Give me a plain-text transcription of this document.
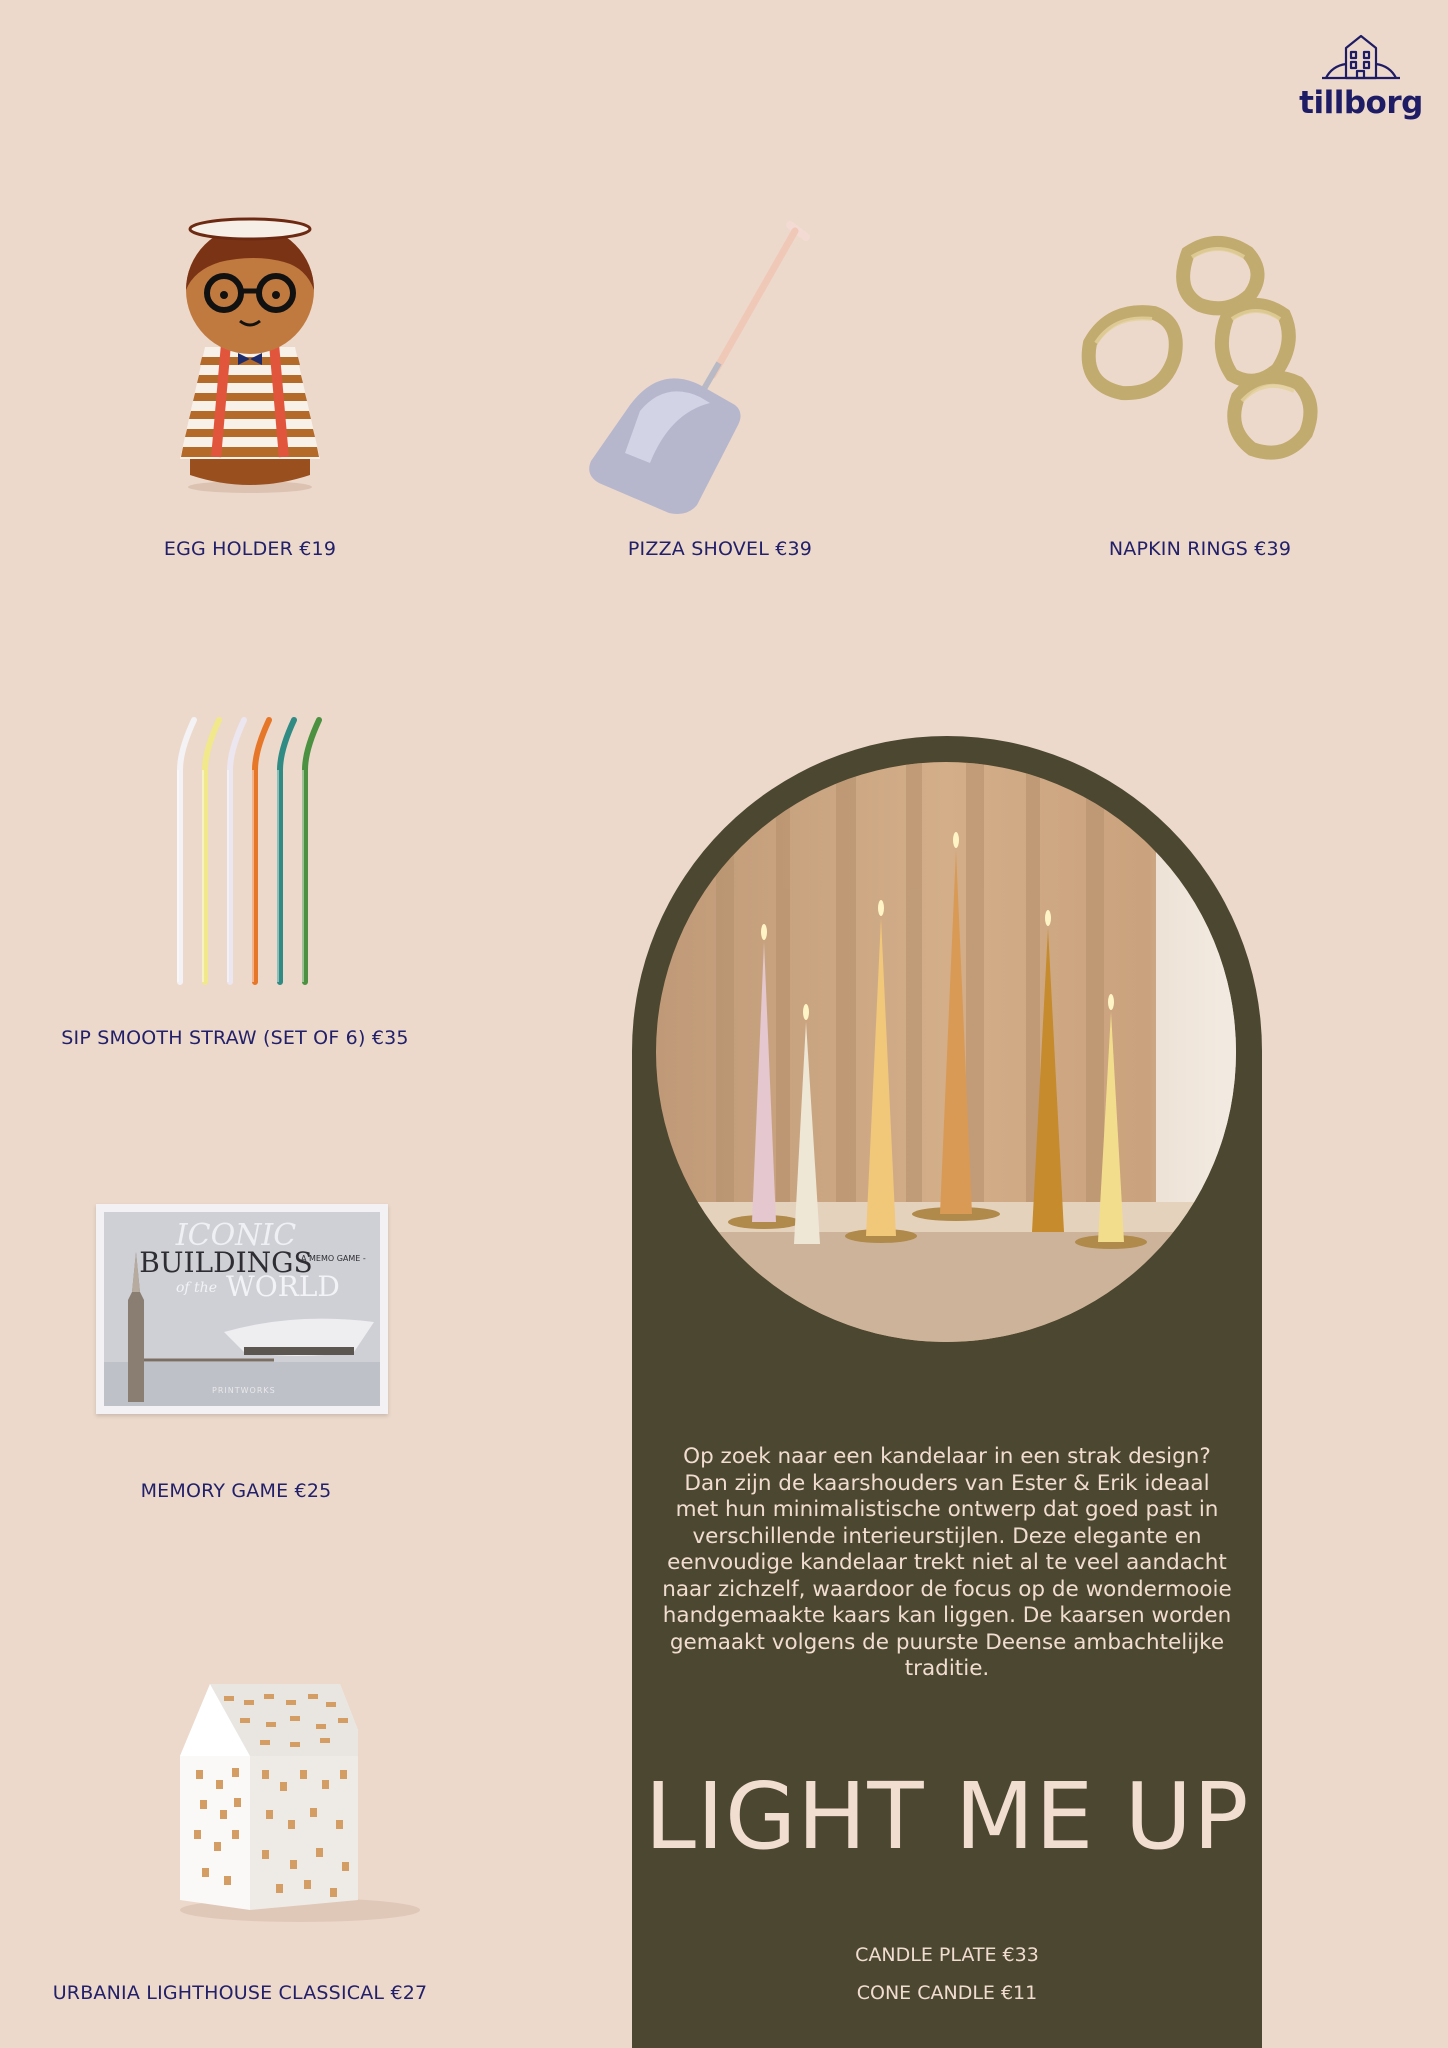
tillborg
EGG HOLDER €19	PIZZA SHOVEL €39	NAPKIN RINGS €39
SIP SMOOTH STRAW (SET OF 6) €35
ICONIC
BUILDINGS
of the WORLD
A MEMO GAME -
PRINTWORKS
MEMORY GAME €25
URBANIA LIGHTHOUSE CLASSICAL €27
Op zoek naar een kandelaar in een strak design? Dan zijn de kaarshouders van Ester & Erik ideaal met hun minimalistische ontwerp dat goed past in verschillende interieurstijlen. Deze elegante en eenvoudige kandelaar trekt niet al te veel aandacht naar zichzelf, waardoor de focus op de wondermooie handgemaakte kaars kan liggen. De kaarsen worden gemaakt volgens de puurste Deense ambachtelijke traditie.
LIGHT ME UP
CANDLE PLATE €33
CONE CANDLE €11
